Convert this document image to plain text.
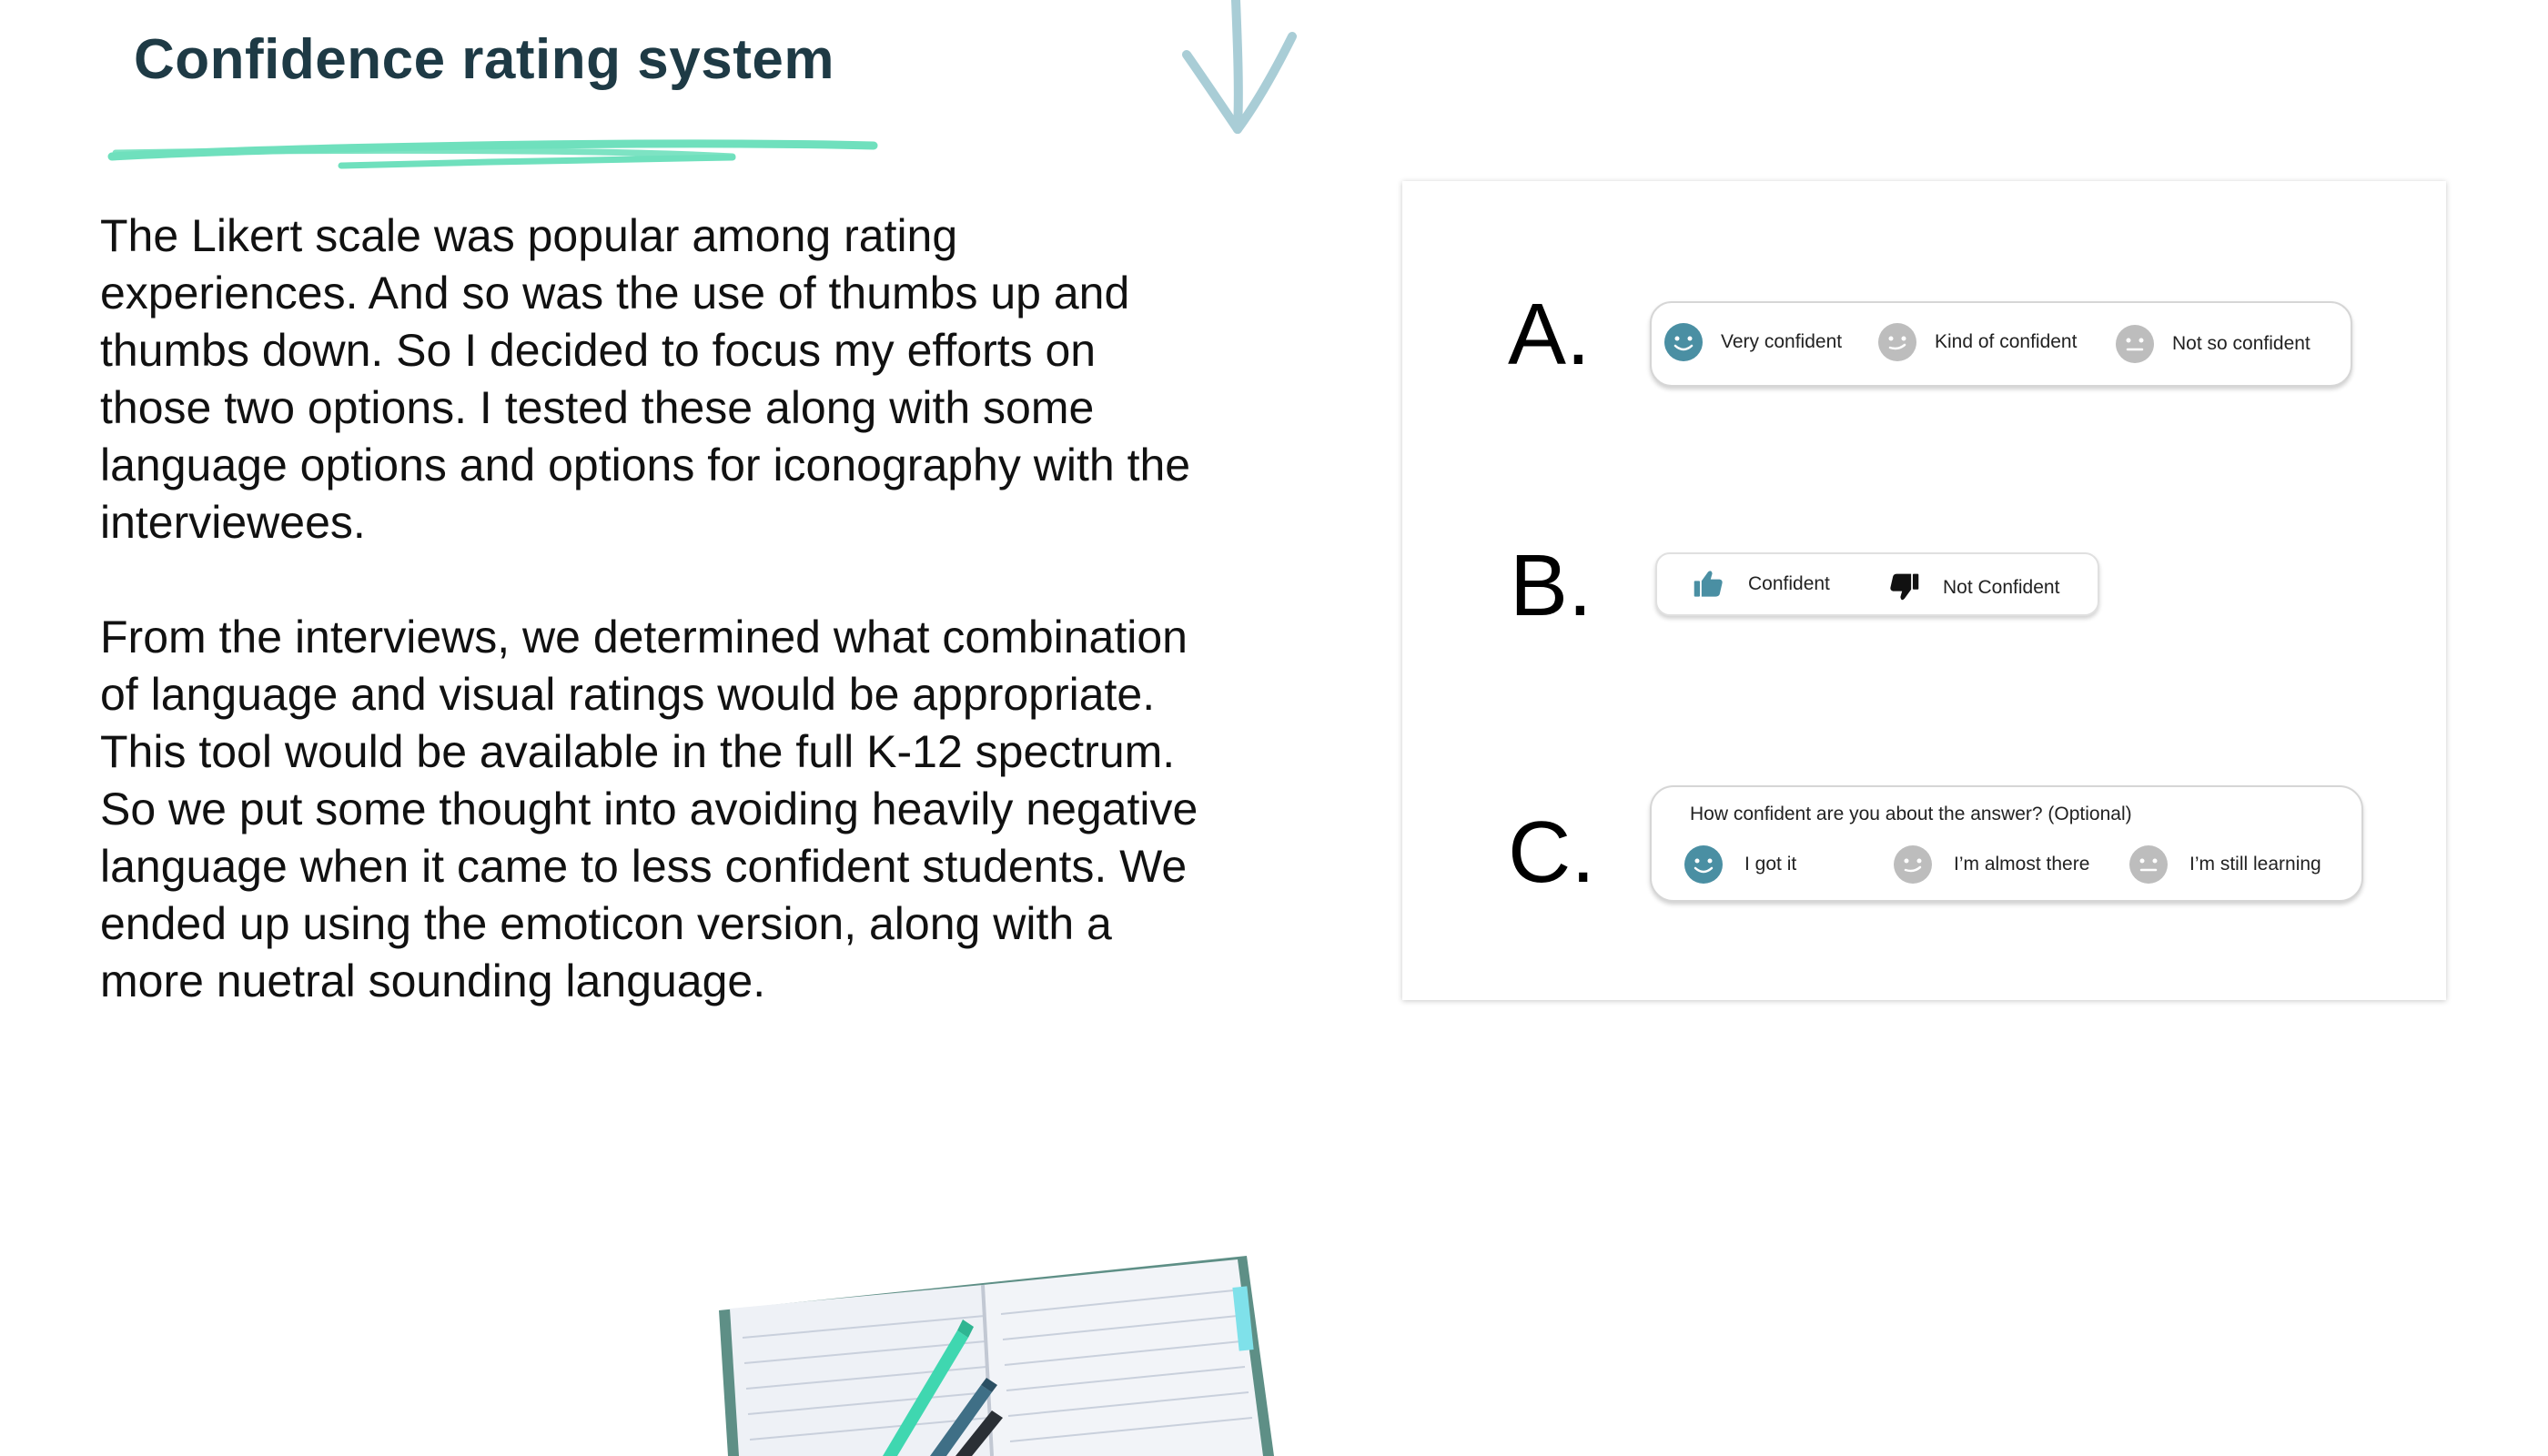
Confidence rating system

The Likert scale was popular among rating experiences. And so was the use of thumbs up and thumbs down. So I decided to focus my efforts on those two options. I tested these along with some language options and options for iconography with the interviewees.

From the interviews, we determined what combination of language and visual ratings would be appropriate. This tool would be available in the full K-12 spectrum. So we put some thought into avoiding heavily negative language when it came to less confident students. We ended up using the emoticon version, along with a more nuetral sounding language.

A.	Very confident	Kind of confident	Not so confident
B.	Confident	Not Confident
C.	How confident are you about the answer? (Optional)
I got it	I’m almost there	I’m still learning
